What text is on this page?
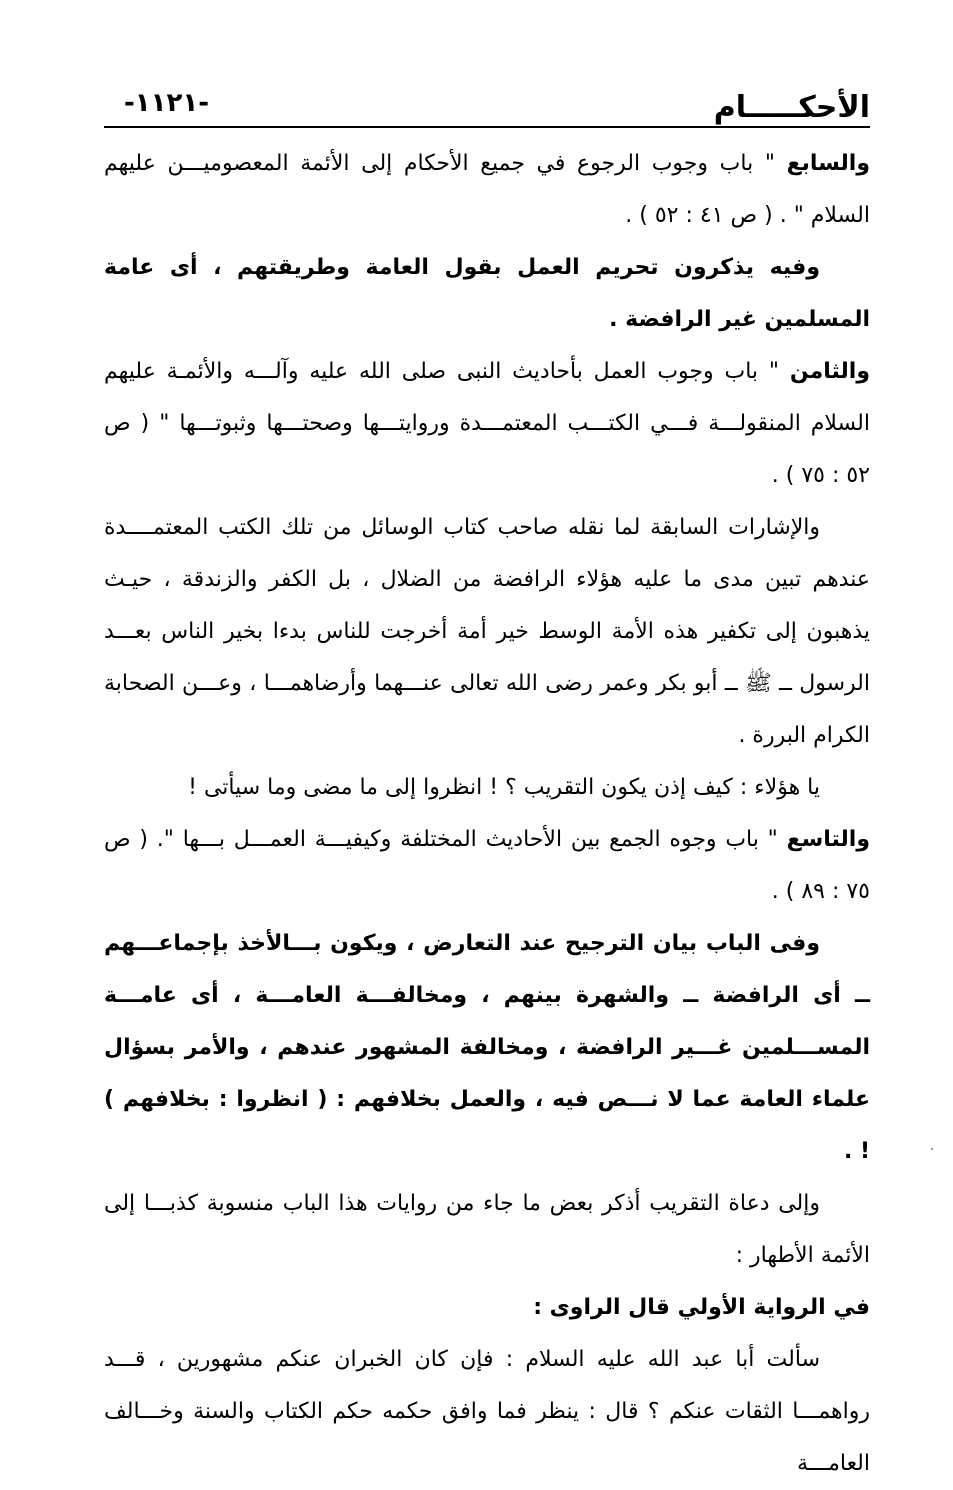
الأحكـــــام
-١١٢١-

والسابع " باب وجوب الرجوع في جميع الأحكام إلى الأئمة المعصوميـــن عليهم السلام " . ( ص ٤١ : ٥٢ ) .

وفيه يذكرون تحريم العمل بقول العامة وطريقتهم ، أى عامة المسلمين غير الرافضة .

والثامن " باب وجوب العمل بأحاديث النبى صلى الله عليه وآلـــه والأئمـة عليهم السلام المنقولـــة فـــي الكتـــب المعتمـــدة وروايتـــها وصحتـــها وثبوتـــها " ( ص ٥٢ : ٧٥ ) .

والإشارات السابقة لما نقله صاحب كتاب الوسائل من تلك الكتب المعتمــــدة عندهم تبين مدى ما عليه هؤلاء الرافضة من الضلال ، بل الكفر والزندقة ، حيـث يذهبون إلى تكفير هذه الأمة الوسط خير أمة أخرجت للناس بدءا بخير الناس بعـــد الرسول ــ ﷺ ــ أبو بكر وعمر رضى الله تعالى عنـــهما وأرضاهمـــا ، وعـــن الصحابة الكرام البررة .

يا هؤلاء : كيف إذن يكون التقريب ؟ ! انظروا إلى ما مضى وما سيأتى !

والتاسع " باب وجوه الجمع بين الأحاديث المختلفة وكيفيـــة العمـــل بـــها ". ( ص ٧٥ : ٨٩ ) .

وفى الباب بيان الترجيح عند التعارض ، ويكون بـــالأخذ بإجماعـــهم ــ أى الرافضة ــ والشهرة بينهم ، ومخالفـــة العامـــة ، أى عامـــة المســـلمين غـــير الرافضة ، ومخالفة المشهور عندهم ، والأمر بسؤال علماء العامة عما لا نـــص فيه ، والعمل بخلافهم : ( انظروا : بخلافهم ) ! .

وإلى دعاة التقريب أذكر بعض ما جاء من روايات هذا الباب منسوبة كذبـــا إلى الأئمة الأطهار :

في الرواية الأولي قال الراوى :

سألت أبا عبد الله عليه السلام : فإن كان الخبران عنكم مشهورين ، قـــد رواهمـــا الثقات عنكم ؟ قال : ينظر فما وافق حكمه حكم الكتاب والسنة وخـــالف العامـــة
